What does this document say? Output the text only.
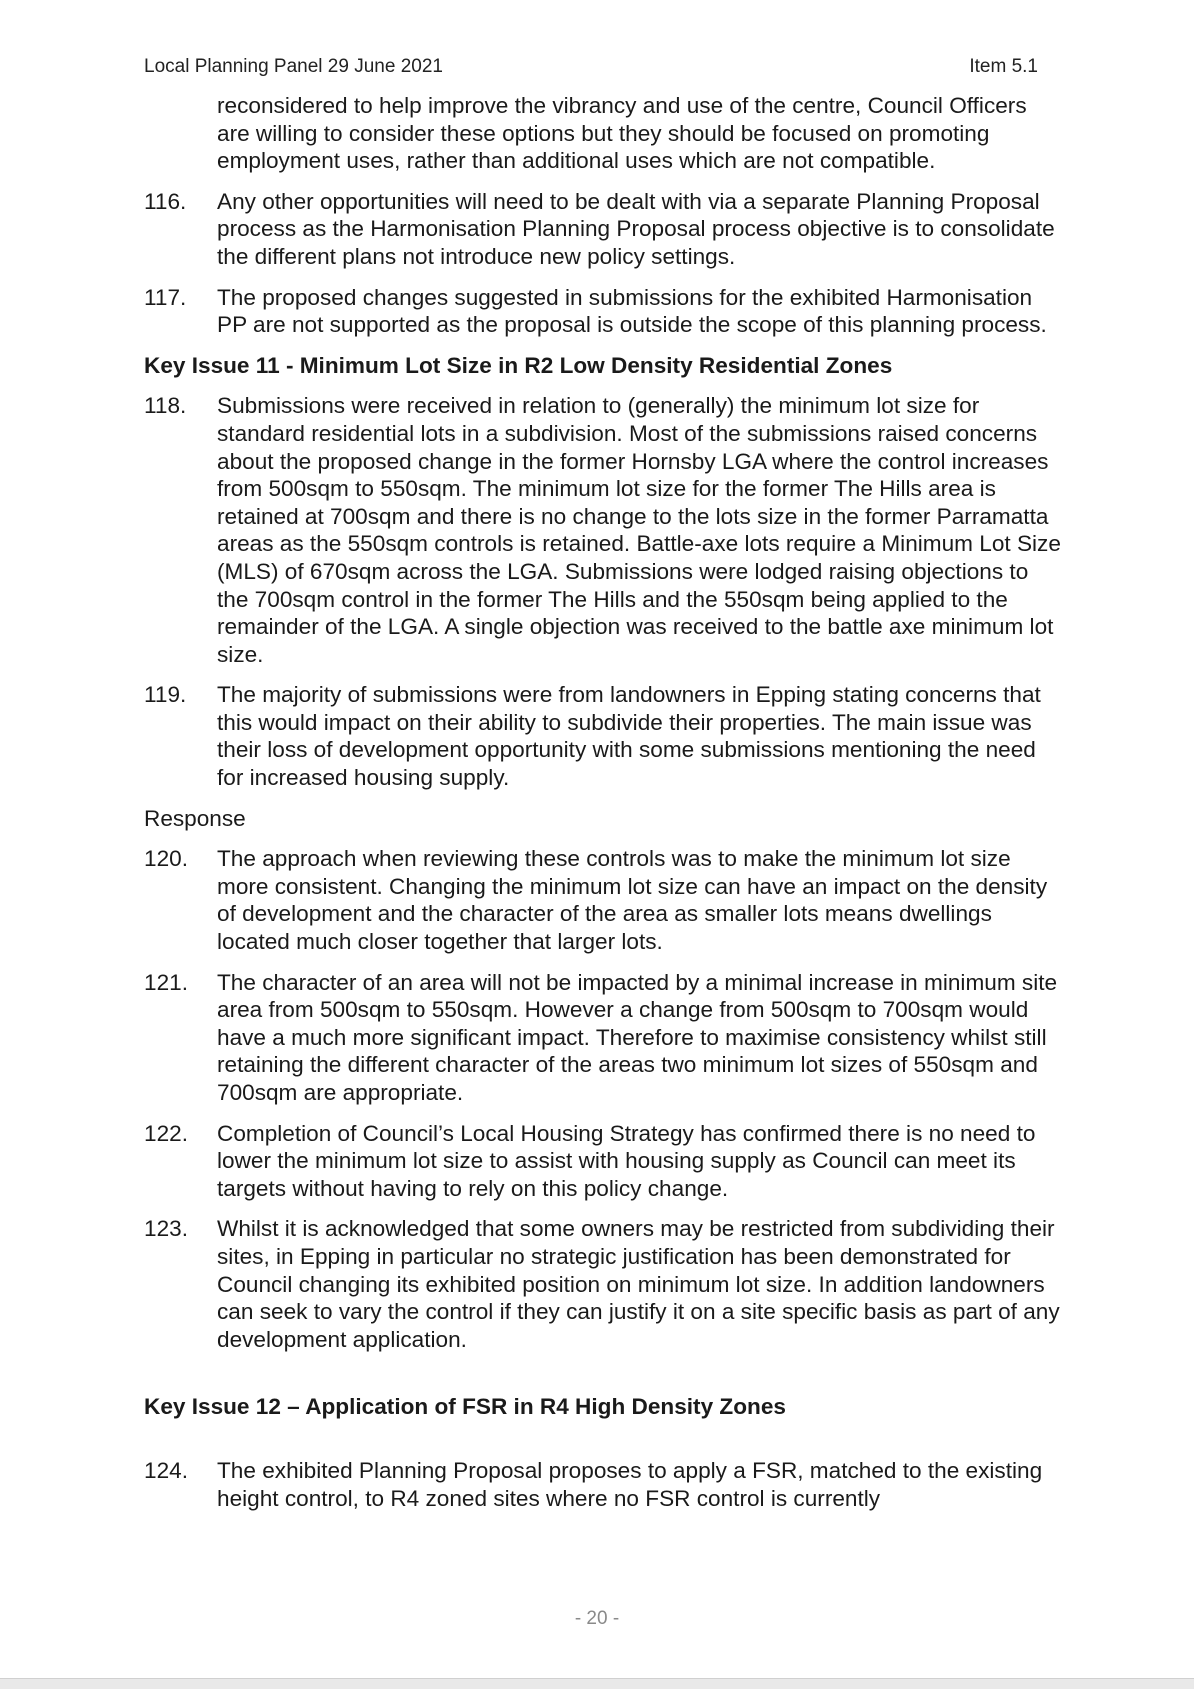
Local Planning Panel 29 June 2021	Item 5.1

reconsidered to help improve the vibrancy and use of the centre, Council Officers are willing to consider these options but they should be focused on promoting employment uses, rather than additional uses which are not compatible.

116.	Any other opportunities will need to be dealt with via a separate Planning Proposal process as the Harmonisation Planning Proposal process objective is to consolidate the different plans not introduce new policy settings.
117.	The proposed changes suggested in submissions for the exhibited Harmonisation PP are not supported as the proposal is outside the scope of this planning process.
Key Issue 11 - Minimum Lot Size in R2 Low Density Residential Zones
118.	Submissions were received in relation to (generally) the minimum lot size for standard residential lots in a subdivision. Most of the submissions raised concerns about the proposed change in the former Hornsby LGA where the control increases from 500sqm to 550sqm. The minimum lot size for the former The Hills area is retained at 700sqm and there is no change to the lots size in the former Parramatta areas as the 550sqm controls is retained. Battle-axe lots require a Minimum Lot Size (MLS) of 670sqm across the LGA. Submissions were lodged raising objections to the 700sqm control in the former The Hills and the 550sqm being applied to the remainder of the LGA. A single objection was received to the battle axe minimum lot size.
119.	The majority of submissions were from landowners in Epping stating concerns that this would impact on their ability to subdivide their properties. The main issue was their loss of development opportunity with some submissions mentioning the need for increased housing supply.
Response
120.	The approach when reviewing these controls was to make the minimum lot size more consistent. Changing the minimum lot size can have an impact on the density of development and the character of the area as smaller lots means dwellings located much closer together that larger lots.
121.	The character of an area will not be impacted by a minimal increase in minimum site area from 500sqm to 550sqm. However a change from 500sqm to 700sqm would have a much more significant impact. Therefore to maximise consistency whilst still retaining the different character of the areas two minimum lot sizes of 550sqm and 700sqm are appropriate.
122.	Completion of Council’s Local Housing Strategy has confirmed there is no need to lower the minimum lot size to assist with housing supply as Council can meet its targets without having to rely on this policy change.
123.	Whilst it is acknowledged that some owners may be restricted from subdividing their sites, in Epping in particular no strategic justification has been demonstrated for Council changing its exhibited position on minimum lot size. In addition landowners can seek to vary the control if they can justify it on a site specific basis as part of any development application.
Key Issue 12 – Application of FSR in R4 High Density Zones
124.	The exhibited Planning Proposal proposes to apply a FSR, matched to the existing height control, to R4 zoned sites where no FSR control is currently
- 20 -
